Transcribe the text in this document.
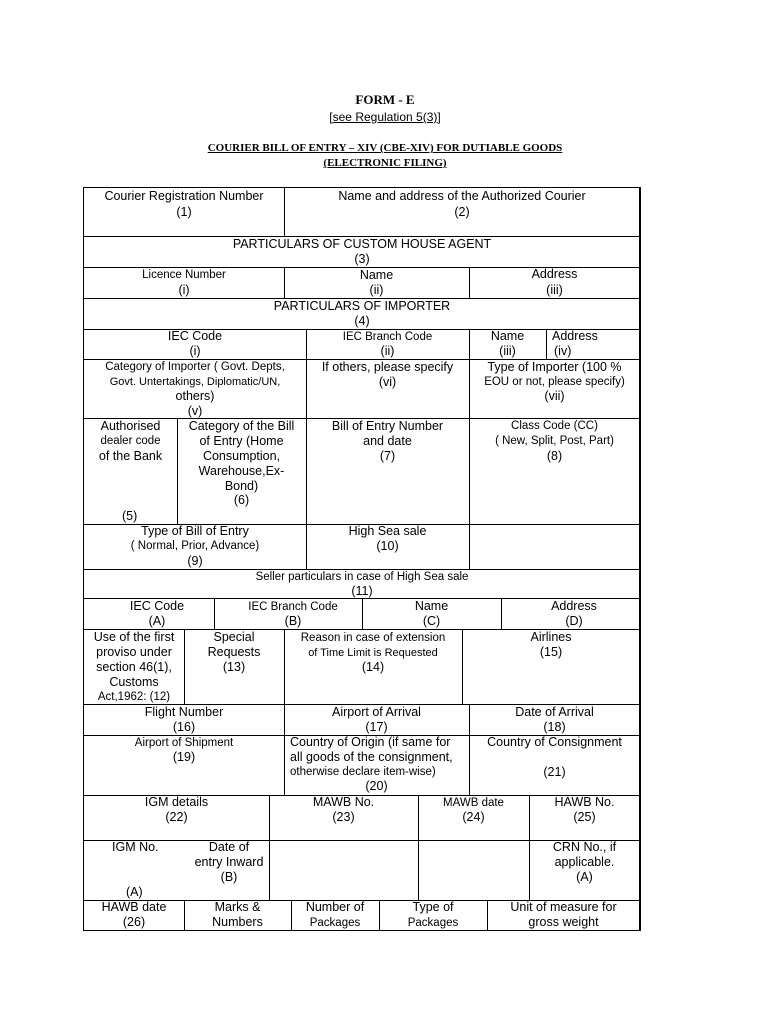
FORM - E
[see Regulation 5(3)]
COURIER BILL OF ENTRY – XIV (CBE-XIV) FOR DUTIABLE GOODS
(ELECTRONIC FILING)
Courier Registration Number
(1)
Name and address of the Authorized Courier
(2)
PARTICULARS OF CUSTOM HOUSE AGENT
(3)
Licence Number
(i)
Name
(ii)
Address
(iii)
PARTICULARS OF IMPORTER
(4)
IEC Code
(i)
IEC Branch Code
(ii)
Name
(iii)
Address
(iv)
Category of Importer ( Govt. Depts,
Govt. Untertakings, Diplomatic/UN,
others)
(v)
If others, please specify
(vi)
Type of Importer (100 %
EOU or not, please specify)
(vii)
Authorised
dealer code
of the Bank
(5)
Category of the Bill
of Entry (Home
Consumption,
Warehouse,Ex-
Bond)
(6)
Bill of Entry Number
and date
(7)
Class Code (CC)
( New, Split, Post, Part)
(8)
Type of Bill of Entry
( Normal, Prior, Advance)
(9)
High Sea sale
(10)
Seller particulars in case of High Sea sale
(11)
IEC Code
(A)
IEC Branch Code
(B)
Name
(C)
Address
(D)
Use of the first
proviso under
section 46(1),
Customs
Act,1962: (12)
Special
Requests
(13)
Reason in case of extension
of Time Limit is Requested
(14)
Airlines
(15)
Flight Number
(16)
Airport of Arrival
(17)
Date of Arrival
(18)
Airport of Shipment
(19)
Country of Origin (if same for
all goods of the consignment,
otherwise declare item-wise)
(20)
Country of Consignment
(21)
IGM details
(22)
MAWB No.
(23)
MAWB date
(24)
HAWB No.
(25)
IGM No.
(A)
Date of
entry Inward
(B)
CRN No., if
applicable.
(A)
HAWB date
(26)
Marks &
Numbers
Number of
Packages
Type of
Packages
Unit of measure for
gross weight
